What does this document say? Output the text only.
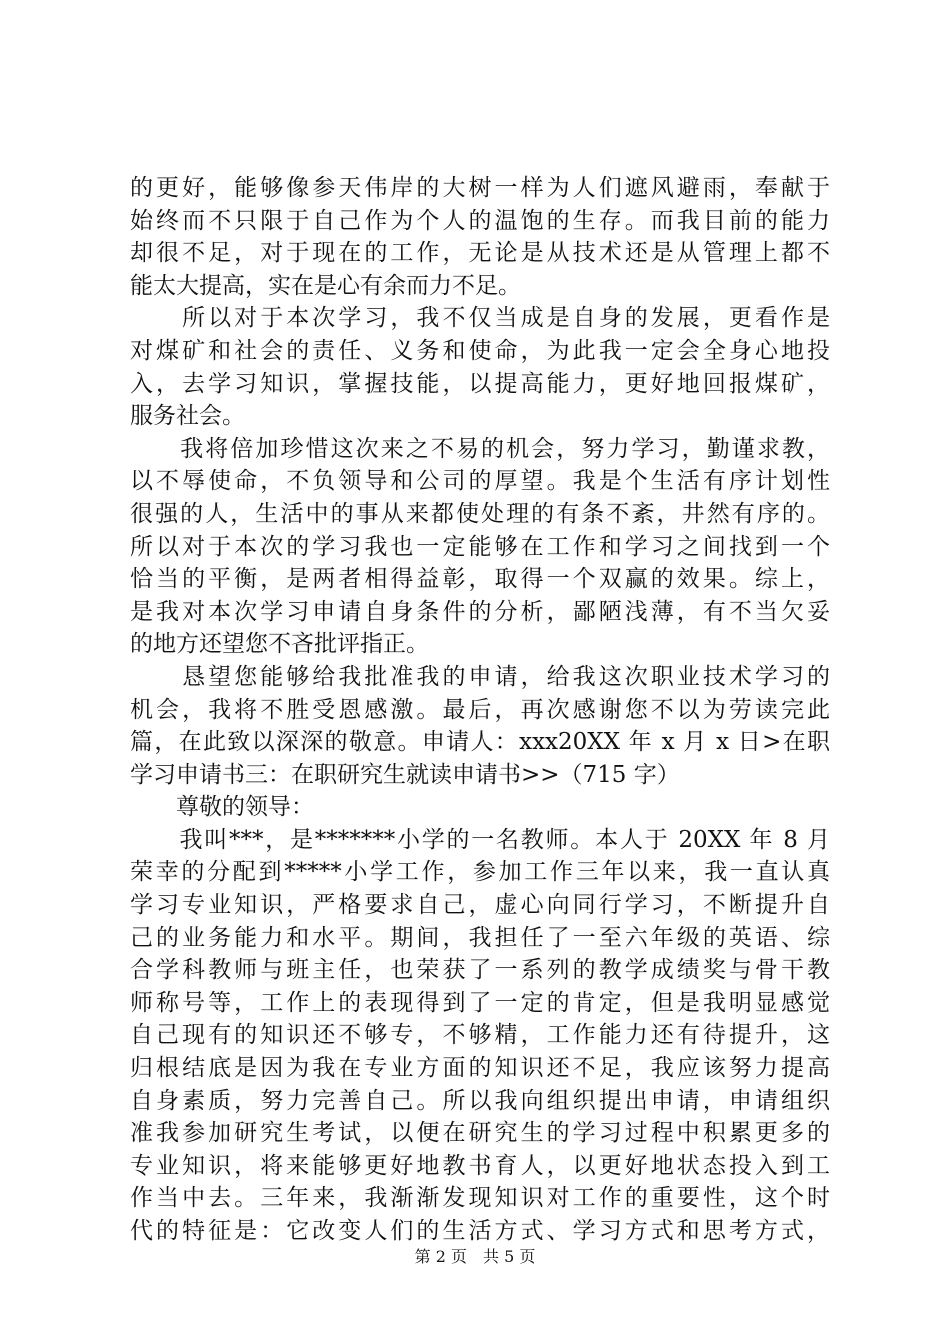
的更好，能够像参天伟岸的大树一样为人们遮风避雨，奉献于
始终而不只限于自己作为个人的温饱的生存。而我目前的能力
却很不足，对于现在的工作，无论是从技术还是从管理上都不
能太大提高，实在是心有余而力不足。
　　所以对于本次学习，我不仅当成是自身的发展，更看作是
对煤矿和社会的责任、义务和使命，为此我一定会全身心地投
入，去学习知识，掌握技能，以提高能力，更好地回报煤矿，
服务社会。
　　我将倍加珍惜这次来之不易的机会，努力学习，勤谨求教，
以不辱使命，不负领导和公司的厚望。我是个生活有序计划性
很强的人，生活中的事从来都使处理的有条不紊，井然有序的。
所以对于本次的学习我也一定能够在工作和学习之间找到一个
恰当的平衡，是两者相得益彰，取得一个双赢的效果。综上，
是我对本次学习申请自身条件的分析，鄙陋浅薄，有不当欠妥
的地方还望您不吝批评指正。
　　恳望您能够给我批准我的申请，给我这次职业技术学习的
机会，我将不胜受恩感激。最后，再次感谢您不以为劳读完此
篇，在此致以深深的敬意。申请人：xxx20XX 年 x 月 x 日>在职
学习申请书三：在职研究生就读申请书>>（715 字）
　　尊敬的领导：
　　我叫***，是*******小学的一名教师。本人于 20XX 年 8 月
荣幸的分配到*****小学工作，参加工作三年以来，我一直认真
学习专业知识，严格要求自己，虚心向同行学习，不断提升自
己的业务能力和水平。期间，我担任了一至六年级的英语、综
合学科教师与班主任，也荣获了一系列的教学成绩奖与骨干教
师称号等，工作上的表现得到了一定的肯定，但是我明显感觉
自己现有的知识还不够专，不够精，工作能力还有待提升，这
归根结底是因为我在专业方面的知识还不足，我应该努力提高
自身素质，努力完善自己。所以我向组织提出申请，申请组织
准我参加研究生考试，以便在研究生的学习过程中积累更多的
专业知识，将来能够更好地教书育人，以更好地状态投入到工
作当中去。三年来，我渐渐发现知识对工作的重要性，这个时
代的特征是：它改变人们的生活方式、学习方式和思考方式，
第 2 页　共 5 页
